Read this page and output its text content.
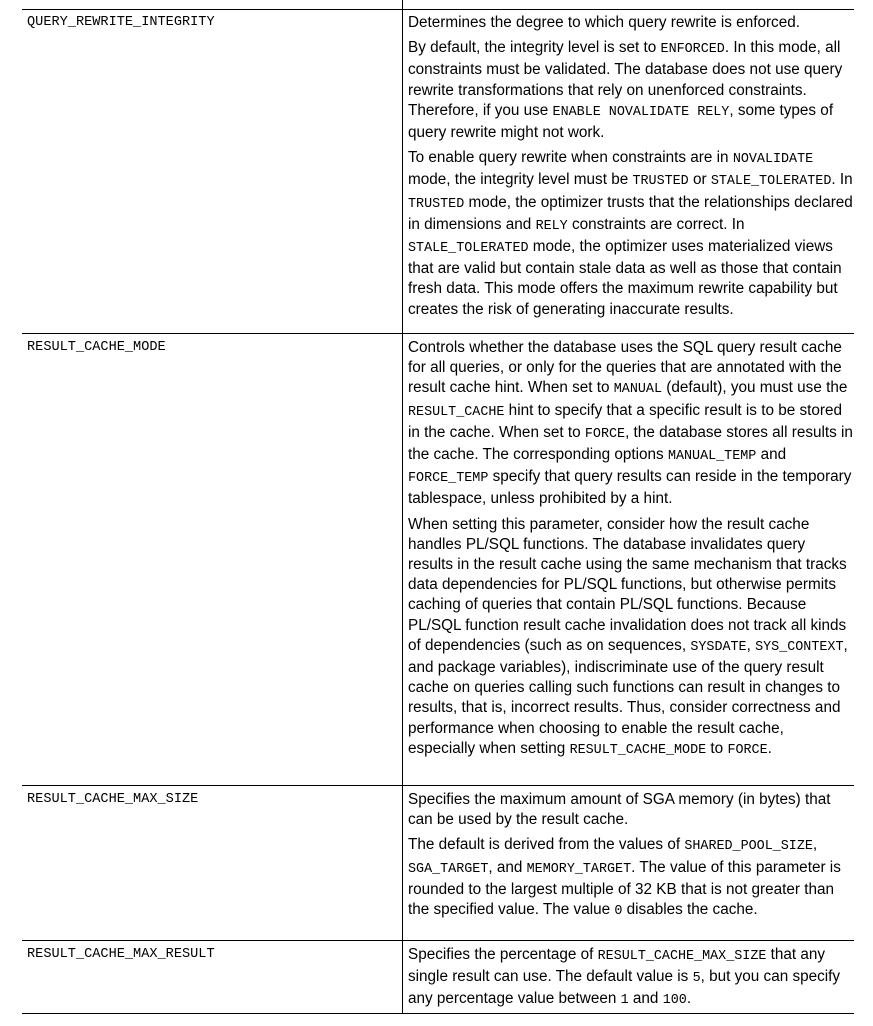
QUERY_REWRITE_INTEGRITY	Determines the degree to which query rewrite is enforced.

By default, the integrity level is set to ENFORCED. In this mode, all constraints must be validated. The database does not use query rewrite transformations that rely on unenforced constraints. Therefore, if you use ENABLE NOVALIDATE RELY, some types of query rewrite might not work.

To enable query rewrite when constraints are in NOVALIDATE mode, the integrity level must be TRUSTED or STALE_TOLERATED. In TRUSTED mode, the optimizer trusts that the relationships declared in dimensions and RELY constraints are correct. In STALE_TOLERATED mode, the optimizer uses materialized views that are valid but contain stale data as well as those that contain fresh data. This mode offers the maximum rewrite capability but creates the risk of generating inaccurate results.

RESULT_CACHE_MODE	Controls whether the database uses the SQL query result cache for all queries, or only for the queries that are annotated with the result cache hint. When set to MANUAL (default), you must use the RESULT_CACHE hint to specify that a specific result is to be stored in the cache. When set to FORCE, the database stores all results in the cache. The corresponding options MANUAL_TEMP and FORCE_TEMP specify that query results can reside in the temporary tablespace, unless prohibited by a hint.

When setting this parameter, consider how the result cache handles PL/SQL functions. The database invalidates query results in the result cache using the same mechanism that tracks data dependencies for PL/SQL functions, but otherwise permits caching of queries that contain PL/SQL functions. Because PL/SQL function result cache invalidation does not track all kinds of dependencies (such as on sequences, SYSDATE, SYS_CONTEXT, and package variables), indiscriminate use of the query result cache on queries calling such functions can result in changes to results, that is, incorrect results. Thus, consider correctness and performance when choosing to enable the result cache, especially when setting RESULT_CACHE_MODE to FORCE.

RESULT_CACHE_MAX_SIZE	Specifies the maximum amount of SGA memory (in bytes) that can be used by the result cache.

The default is derived from the values of SHARED_POOL_SIZE, SGA_TARGET, and MEMORY_TARGET. The value of this parameter is rounded to the largest multiple of 32 KB that is not greater than the specified value. The value 0 disables the cache.

RESULT_CACHE_MAX_RESULT	Specifies the percentage of RESULT_CACHE_MAX_SIZE that any single result can use. The default value is 5, but you can specify any percentage value between 1 and 100.
